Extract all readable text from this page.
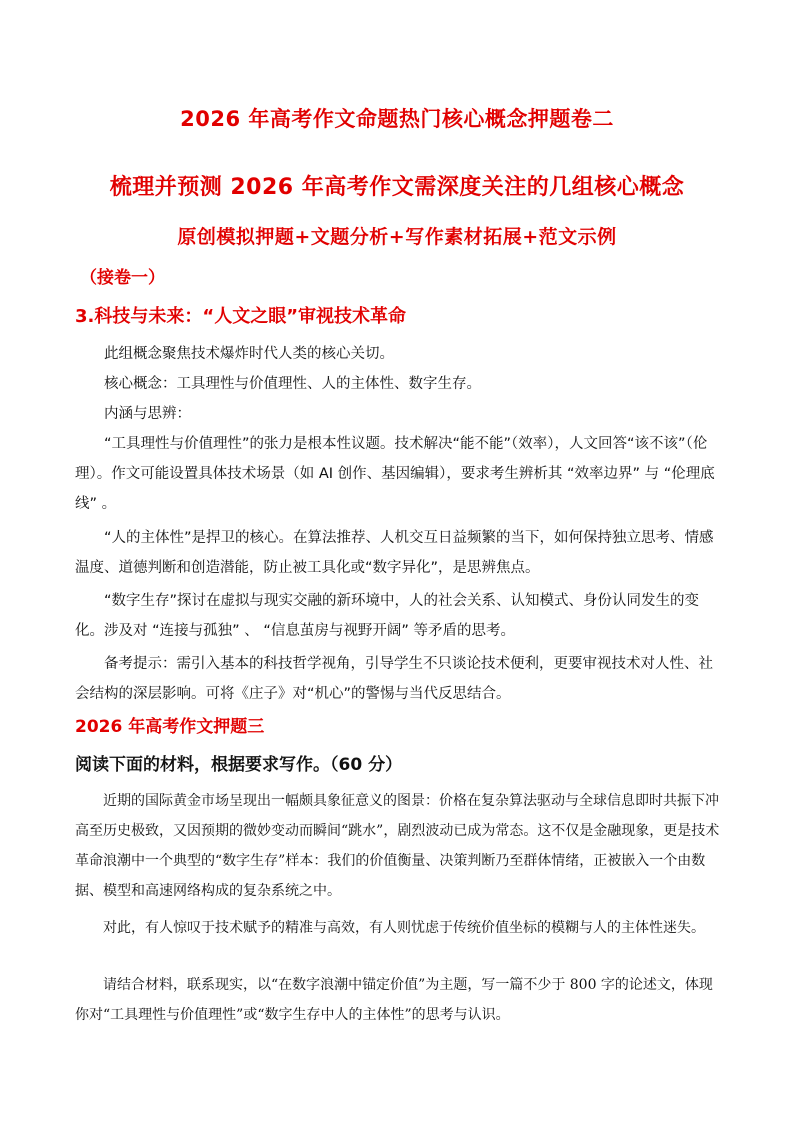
2026 年高考作文命题热门核心概念押题卷二
梳理并预测 2026 年高考作文需深度关注的几组核心概念
原创模拟押题+文题分析+写作素材拓展+范文示例
（接卷一）
3.科技与未来：“人文之眼”审视技术革命

此组概念聚焦技术爆炸时代人类的核心关切。

核心概念：工具理性与价值理性、人的主体性、数字生存。

内涵与思辨：

“工具理性与价值理性”的张力是根本性议题。技术解决“能不能”（效率），人文回答“该不该”（伦理）。作文可能设置具体技术场景（如 AI 创作、基因编辑），要求考生辨析其 “效率边界” 与 “伦理底线” 。

“人的主体性”是捍卫的核心。在算法推荐、人机交互日益频繁的当下，如何保持独立思考、情感温度、道德判断和创造潜能，防止被工具化或“数字异化”，是思辨焦点。

“数字生存”探讨在虚拟与现实交融的新环境中，人的社会关系、认知模式、身份认同发生的变化。涉及对 “连接与孤独” 、 “信息茧房与视野开阔” 等矛盾的思考。

备考提示：需引入基本的科技哲学视角，引导学生不只谈论技术便利，更要审视技术对人性、社会结构的深层影响。可将《庄子》对“机心”的警惕与当代反思结合。

2026 年高考作文押题三
阅读下面的材料，根据要求写作。（60 分）

近期的国际黄金市场呈现出一幅颇具象征意义的图景：价格在复杂算法驱动与全球信息即时共振下冲高至历史极致，又因预期的微妙变动而瞬间“跳水”，剧烈波动已成为常态。这不仅是金融现象，更是技术革命浪潮中一个典型的“数字生存”样本：我们的价值衡量、决策判断乃至群体情绪，正被嵌入一个由数据、模型和高速网络构成的复杂系统之中。

对此，有人惊叹于技术赋予的精准与高效，有人则忧虑于传统价值坐标的模糊与人的主体性迷失。

请结合材料，联系现实，以“在数字浪潮中锚定价值”为主题，写一篇不少于 800 字的论述文，体现你对“工具理性与价值理性”或“数字生存中人的主体性”的思考与认识。
